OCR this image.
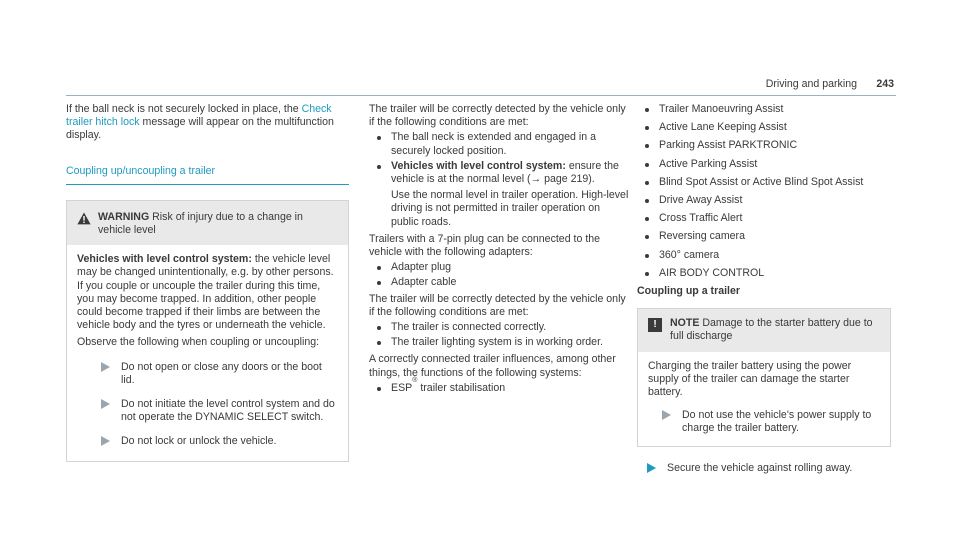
Driving and parking 243
If the ball neck is not securely locked in place, the Check trailer hitch lock message will appear on the multifunction display.
Coupling up/uncoupling a trailer
WARNING Risk of injury due to a change in vehicle level
Vehicles with level control system: the vehicle level may be changed unintentionally, e.g. by other persons. If you couple or uncouple the trailer during this time, you may become trapped. In addition, other people could become trapped if their limbs are between the vehicle body and the tyres or underneath the vehicle.
Observe the following when coupling or uncoupling:
Do not open or close any doors or the boot lid.
Do not initiate the level control system and do not operate the DYNAMIC SELECT switch.
Do not lock or unlock the vehicle.
The trailer will be correctly detected by the vehicle only if the following conditions are met:
The ball neck is extended and engaged in a securely locked position.
Vehicles with level control system: ensure the vehicle is at the normal level (→ page 219).
Use the normal level in trailer operation. High-level driving is not permitted in trailer operation on public roads.
Trailers with a 7-pin plug can be connected to the vehicle with the following adapters:
Adapter plug
Adapter cable
The trailer will be correctly detected by the vehicle only if the following conditions are met:
The trailer is connected correctly.
The trailer lighting system is in working order.
A correctly connected trailer influences, among other things, the functions of the following systems:
ESP® trailer stabilisation
Trailer Manoeuvring Assist
Active Lane Keeping Assist
Parking Assist PARKTRONIC
Active Parking Assist
Blind Spot Assist or Active Blind Spot Assist
Drive Away Assist
Cross Traffic Alert
Reversing camera
360° camera
AIR BODY CONTROL
Coupling up a trailer
!	NOTE Damage to the starter battery due to full discharge
Charging the trailer battery using the power supply of the trailer can damage the starter battery.
Do not use the vehicle's power supply to charge the trailer battery.
Secure the vehicle against rolling away.
